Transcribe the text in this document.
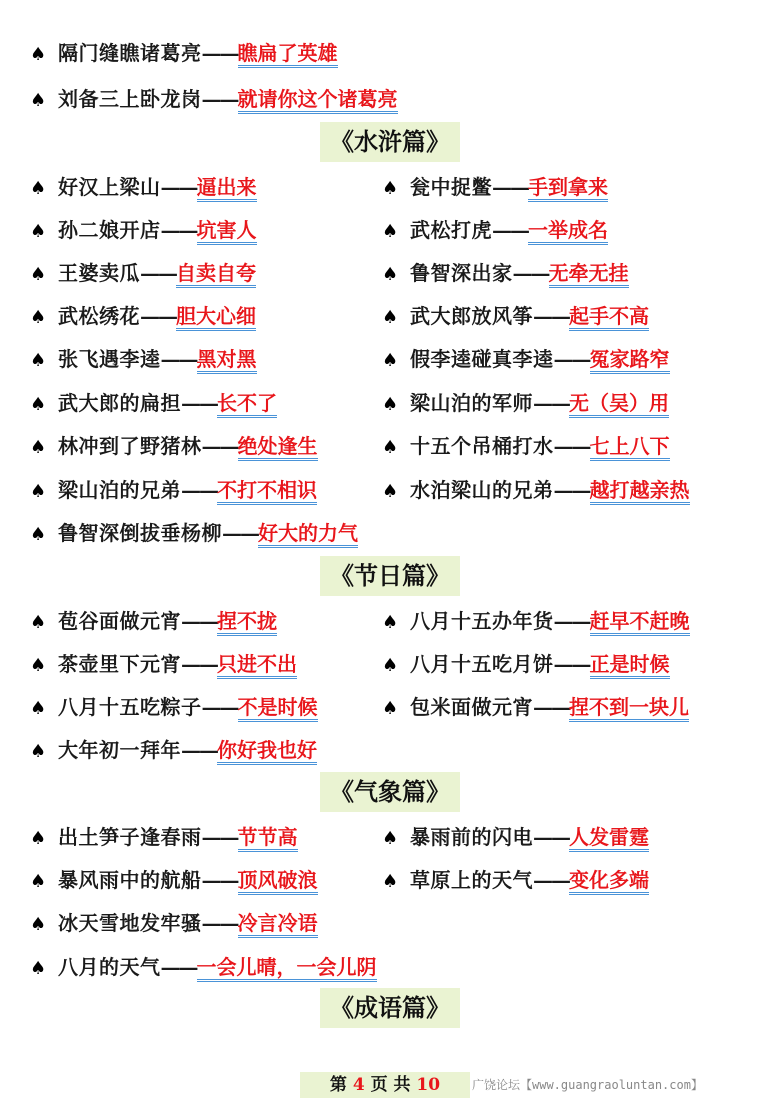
♠ 隔门缝瞧诸葛亮——瞧扁了英雄
♠ 刘备三上卧龙岗——就请你这个诸葛亮
♠ 好汉上梁山——逼出来	♠ 瓮中捉鳖——手到拿来
♠ 孙二娘开店——坑害人	♠ 武松打虎——一举成名
♠ 王婆卖瓜——自卖自夸	♠ 鲁智深出家——无牵无挂
♠ 武松绣花——胆大心细	♠ 武大郎放风筝——起手不高
♠ 张飞遇李逵——黑对黑	♠ 假李逵碰真李逵——冤家路窄
♠ 武大郎的扁担——长不了	♠ 梁山泊的军师——无（吴）用
♠ 林冲到了野猪林——绝处逢生	♠ 十五个吊桶打水——七上八下
♠ 梁山泊的兄弟——不打不相识	♠ 水泊梁山的兄弟——越打越亲热
♠ 鲁智深倒拔垂杨柳——好大的力气
♠ 苞谷面做元宵——捏不拢	♠ 八月十五办年货——赶早不赶晚
♠ 茶壶里下元宵——只进不出	♠ 八月十五吃月饼——正是时候
♠ 八月十五吃粽子——不是时候	♠ 包米面做元宵——捏不到一块儿
♠ 大年初一拜年——你好我也好
♠ 出土笋子逢春雨——节节高	♠ 暴雨前的闪电——人发雷霆
♠ 暴风雨中的航船——顶风破浪	♠ 草原上的天气——变化多端
♠ 冰天雪地发牢骚——冷言冷语
♠ 八月的天气——一会儿晴，一会儿阴
《水浒篇》
《节日篇》
《气象篇》
《成语篇》
第 4 页 共 10	广饶论坛【www.guangraoluntan.com】
